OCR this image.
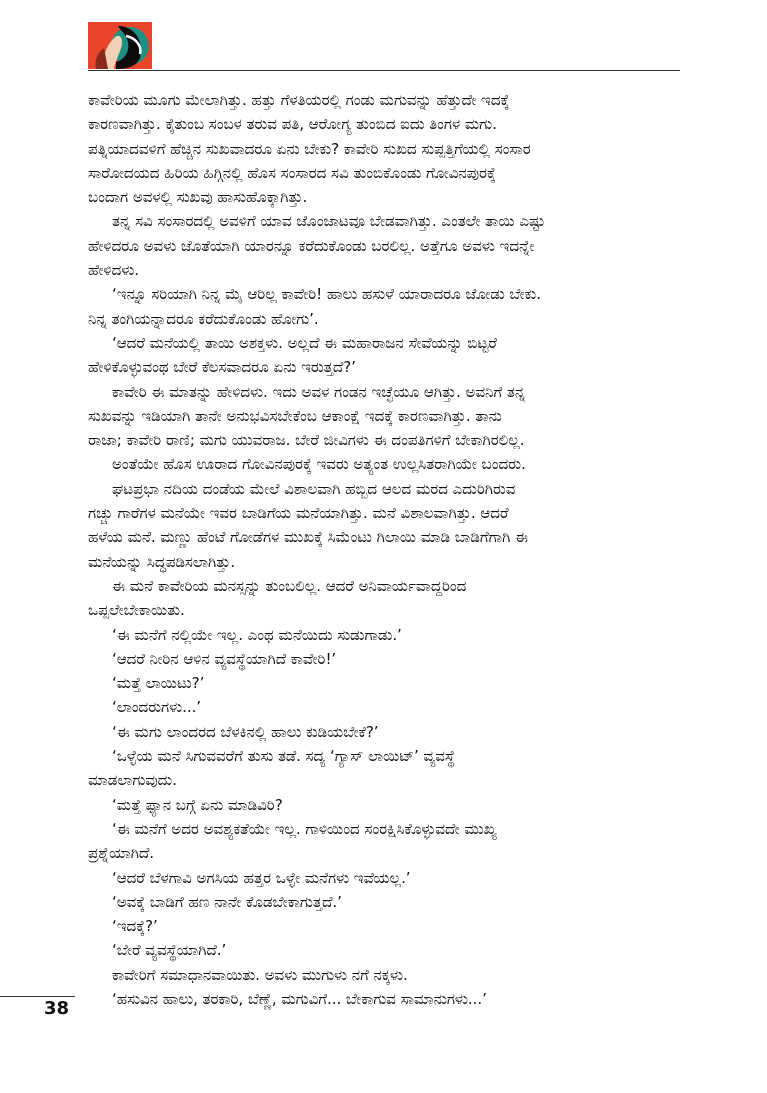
ಕಾವೇರಿಯ ಮೂಗು ಮೇಲಾಗಿತ್ತು. ಹತ್ತು ಗೆಳತಿಯರಲ್ಲಿ ಗಂಡು ಮಗುವನ್ನು ಹೆತ್ತುದೇ ಇದಕ್ಕೆ
ಕಾರಣವಾಗಿತ್ತು. ಕೈತುಂಬ ಸಂಬಳ ತರುವ ಪತಿ, ಆರೋಗ್ಯ ತುಂಬಿದ ಐದು ತಿಂಗಳ ಮಗು.
ಪತ್ನಿಯಾದವಳಿಗೆ ಹೆಚ್ಚಿನ ಸುಖವಾದರೂ ಏನು ಬೇಕು? ಕಾವೇರಿ ಸುಖದ ಸುಪ್ಪತ್ತಿಗೆಯಲ್ಲಿ ಸಂಸಾರ
ಸಾರೋದಯದ ಹಿರಿಯ ಹಿಗ್ಗಿನಲ್ಲಿ ಹೊಸ ಸಂಸಾರದ ಸವಿ ತುಂಬಿಕೊಂಡು ಗೋವಿನಪುರಕ್ಕೆ
ಬಂದಾಗ ಅವಳಲ್ಲಿ ಸುಖವು ಹಾಸುಹೊಕ್ಕಾಗಿತ್ತು.
ತನ್ನ ಸವಿ ಸಂಸಾರದಲ್ಲಿ ಅವಳಿಗೆ ಯಾವ ಜೊಂಜಾಟವೂ ಬೇಡವಾಗಿತ್ತು. ಎಂತಲೇ ತಾಯಿ ಎಷ್ಟು
ಹೇಳಿದರೂ ಅವಳು ಜೊತೆಯಾಗಿ ಯಾರನ್ನೂ ಕರೆದುಕೊಂಡು ಬರಲಿಲ್ಲ. ಅತ್ತೆಗೂ ಅವಳು ಇದನ್ನೇ
ಹೇಳಿದಳು.
‘ಇನ್ನೂ ಸರಿಯಾಗಿ ನಿನ್ನ ಮೈ ಆರಿಲ್ಲ ಕಾವೇರಿ! ಹಾಲು ಹಸುಳೆ ಯಾರಾದರೂ ಜೋಡು ಬೇಕು.
ನಿನ್ನ ತಂಗಿಯನ್ನಾದರೂ ಕರೆದುಕೊಂಡು ಹೋಗು’.
‘ಆದರೆ ಮನೆಯಲ್ಲಿ ತಾಯಿ ಅಶಕ್ತಳು. ಅಲ್ಲದೆ ಈ ಮಹಾರಾಜನ ಸೇವೆಯನ್ನು ಬಿಟ್ಟರೆ
ಹೇಳಿಕೊಳ್ಳುವಂಥ ಬೇರೆ ಕೆಲಸವಾದರೂ ಏನು ಇರುತ್ತದೆ?’
ಕಾವೇರಿ ಈ ಮಾತನ್ನು ಹೇಳಿದಳು. ಇದು ಅವಳ ಗಂಡನ ಇಚ್ಛೆಯೂ ಆಗಿತ್ತು. ಅವನಿಗೆ ತನ್ನ
ಸುಖವನ್ನು ಇಡಿಯಾಗಿ ತಾನೇ ಅನುಭವಿಸಬೇಕೆಂಬ ಆಕಾಂಕ್ಷೆ ಇದಕ್ಕೆ ಕಾರಣವಾಗಿತ್ತು. ತಾನು
ರಾಜಾ; ಕಾವೇರಿ ರಾಣಿ; ಮಗು ಯುವರಾಜ. ಬೇರೆ ಜೀವಿಗಳು ಈ ದಂಪತಿಗಳಿಗೆ ಬೇಕಾಗಿರಲಿಲ್ಲ.
ಅಂತೆಯೇ ಹೊಸ ಊರಾದ ಗೋವಿನಪುರಕ್ಕೆ ಇವರು ಅತ್ಯಂತ ಉಲ್ಲಸಿತರಾಗಿಯೇ ಬಂದರು.
ಘಟಪ್ರಭಾ ನದಿಯ ದಂಡೆಯ ಮೇಲೆ ವಿಶಾಲವಾಗಿ ಹಬ್ಬಿದ ಆಲದ ಮರದ ಎದುರಿಗಿರುವ
ಗಚ್ಚು ಗಾರೆಗಳ ಮನೆಯೇ ಇವರ ಬಾಡಿಗೆಯ ಮನೆಯಾಗಿತ್ತು. ಮನೆ ವಿಶಾಲವಾಗಿತ್ತು. ಆದರೆ
ಹಳೆಯ ಮನೆ. ಮಣ್ಣು ಹೆಂಟೆ ಗೋಡೆಗಳ ಮುಖಕ್ಕೆ ಸಿಮೆಂಟು ಗಿಲಾಯಿ ಮಾಡಿ ಬಾಡಿಗೆಗಾಗಿ ಈ
ಮನೆಯನ್ನು ಸಿದ್ಧಪಡಿಸಲಾಗಿತ್ತು.
ಈ ಮನೆ ಕಾವೇರಿಯ ಮನಸ್ಸನ್ನು ತುಂಬಲಿಲ್ಲ. ಆದರೆ ಅನಿವಾರ್ಯವಾದ್ದರಿಂದ
ಒಪ್ಪಲೇಬೇಕಾಯಿತು.
‘ಈ ಮನೆಗೆ ನಲ್ಲಿಯೇ ಇಲ್ಲ. ಎಂಥ ಮನೆಯಿದು ಸುಡುಗಾಡು.’
‘ಆದರೆ ನೀರಿನ ಆಳಿನ ವ್ಯವಸ್ಥೆಯಾಗಿದೆ ಕಾವೇರಿ!’
‘ಮತ್ತೆ ಲಾಯಿಟು?’
‘ಲಾಂದರುಗಳು...’
‘ಈ ಮಗು ಲಾಂದರದ ಬೆಳಕಿನಲ್ಲಿ ಹಾಲು ಕುಡಿಯಬೇಕೆ?’
‘ಒಳ್ಳೆಯ ಮನೆ ಸಿಗುವವರೆಗೆ ತುಸು ತಡೆ. ಸದ್ಯ ‘ಗ್ಯಾಸ್ ಲಾಯಿಟ್’ ವ್ಯವಸ್ಥೆ
ಮಾಡಲಾಗುವುದು.
‘ಮತ್ತೆ ಫ್ಯಾನ ಬಗ್ಗೆ ಏನು ಮಾಡಿವಿರಿ?
‘ಈ ಮನೆಗೆ ಅದರ ಅವಶ್ಯಕತೆಯೇ ಇಲ್ಲ. ಗಾಳಿಯಿಂದ ಸಂರಕ್ಷಿಸಿಕೊಳ್ಳುವದೇ ಮುಖ್ಯ
ಪ್ರಶ್ನೆಯಾಗಿದೆ.
‘ಆದರೆ ಬೆಳಗಾವಿ ಅಗಸಿಯ ಹತ್ತರ ಒಳ್ಳೇ ಮನೆಗಳು ಇವೆಯಲ್ಲ.’
‘ಅವಕ್ಕೆ ಬಾಡಿಗೆ ಹಣ ನಾನೇ ಕೊಡಬೇಕಾಗುತ್ತದೆ.’
‘ಇದಕ್ಕೆ?’
‘ಬೇರೆ ವ್ಯವಸ್ಥೆಯಾಗಿದೆ.’
ಕಾವೇರಿಗೆ ಸಮಾಧಾನವಾಯಿತು. ಅವಳು ಮುಗುಳು ನಗೆ ನಕ್ಕಳು.
‘ಹಸುವಿನ ಹಾಲು, ತರಕಾರಿ, ಬೆಣ್ಣೆ, ಮಗುವಿಗೆ... ಬೇಕಾಗುವ ಸಾಮಾನುಗಳು...’
38
